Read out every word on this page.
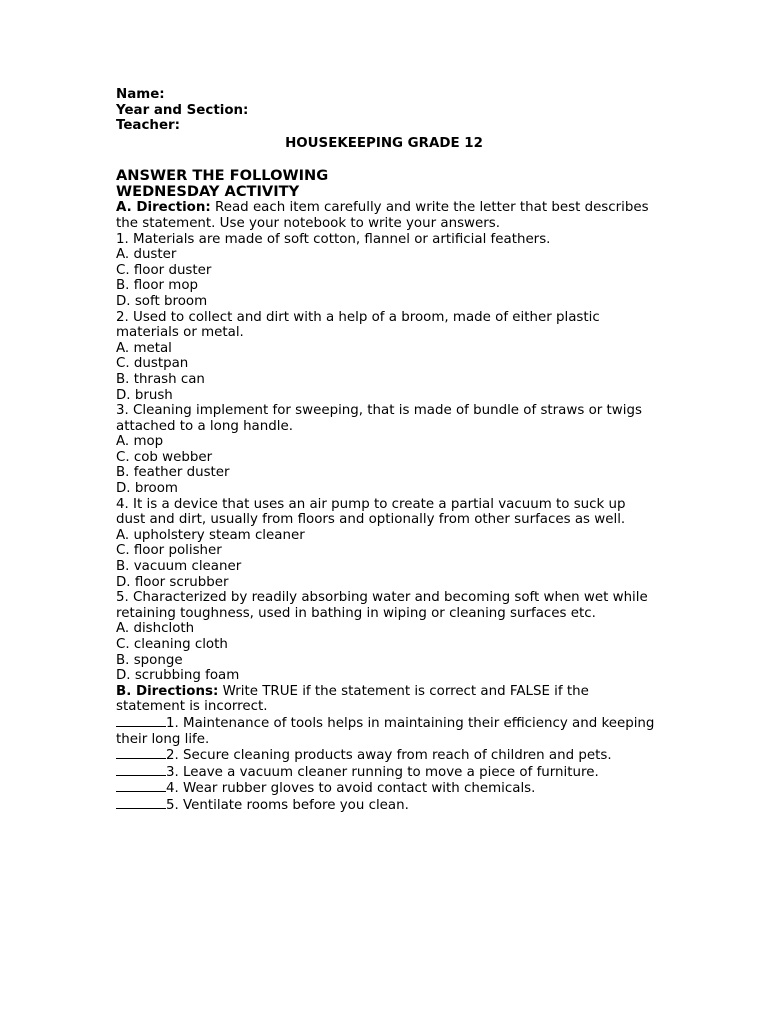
Name:
Year and Section:
Teacher:
HOUSEKEEPING GRADE 12
ANSWER THE FOLLOWING
WEDNESDAY ACTIVITY
A. Direction: Read each item carefully and write the letter that best describes the statement. Use your notebook to write your answers.
1. Materials are made of soft cotton, flannel or artificial feathers.
A. duster
C. floor duster
B. floor mop
D. soft broom
2. Used to collect and dirt with a help of a broom, made of either plastic materials or metal.
A. metal
C. dustpan
B. thrash can
D. brush
3. Cleaning implement for sweeping, that is made of bundle of straws or twigs attached to a long handle.
A. mop
C. cob webber
B. feather duster
D. broom
4. It is a device that uses an air pump to create a partial vacuum to suck up dust and dirt, usually from floors and optionally from other surfaces as well.
A. upholstery steam cleaner
C. floor polisher
B. vacuum cleaner
D. floor scrubber
5. Characterized by readily absorbing water and becoming soft when wet while
retaining toughness, used in bathing in wiping or cleaning surfaces etc.
A. dishcloth
C. cleaning cloth
B. sponge
D. scrubbing foam
B. Directions: Write TRUE if the statement is correct and FALSE if the statement is incorrect.
1. Maintenance of tools helps in maintaining their efficiency and keeping their long life.
2. Secure cleaning products away from reach of children and pets.
3. Leave a vacuum cleaner running to move a piece of furniture.
4. Wear rubber gloves to avoid contact with chemicals.
5. Ventilate rooms before you clean.
